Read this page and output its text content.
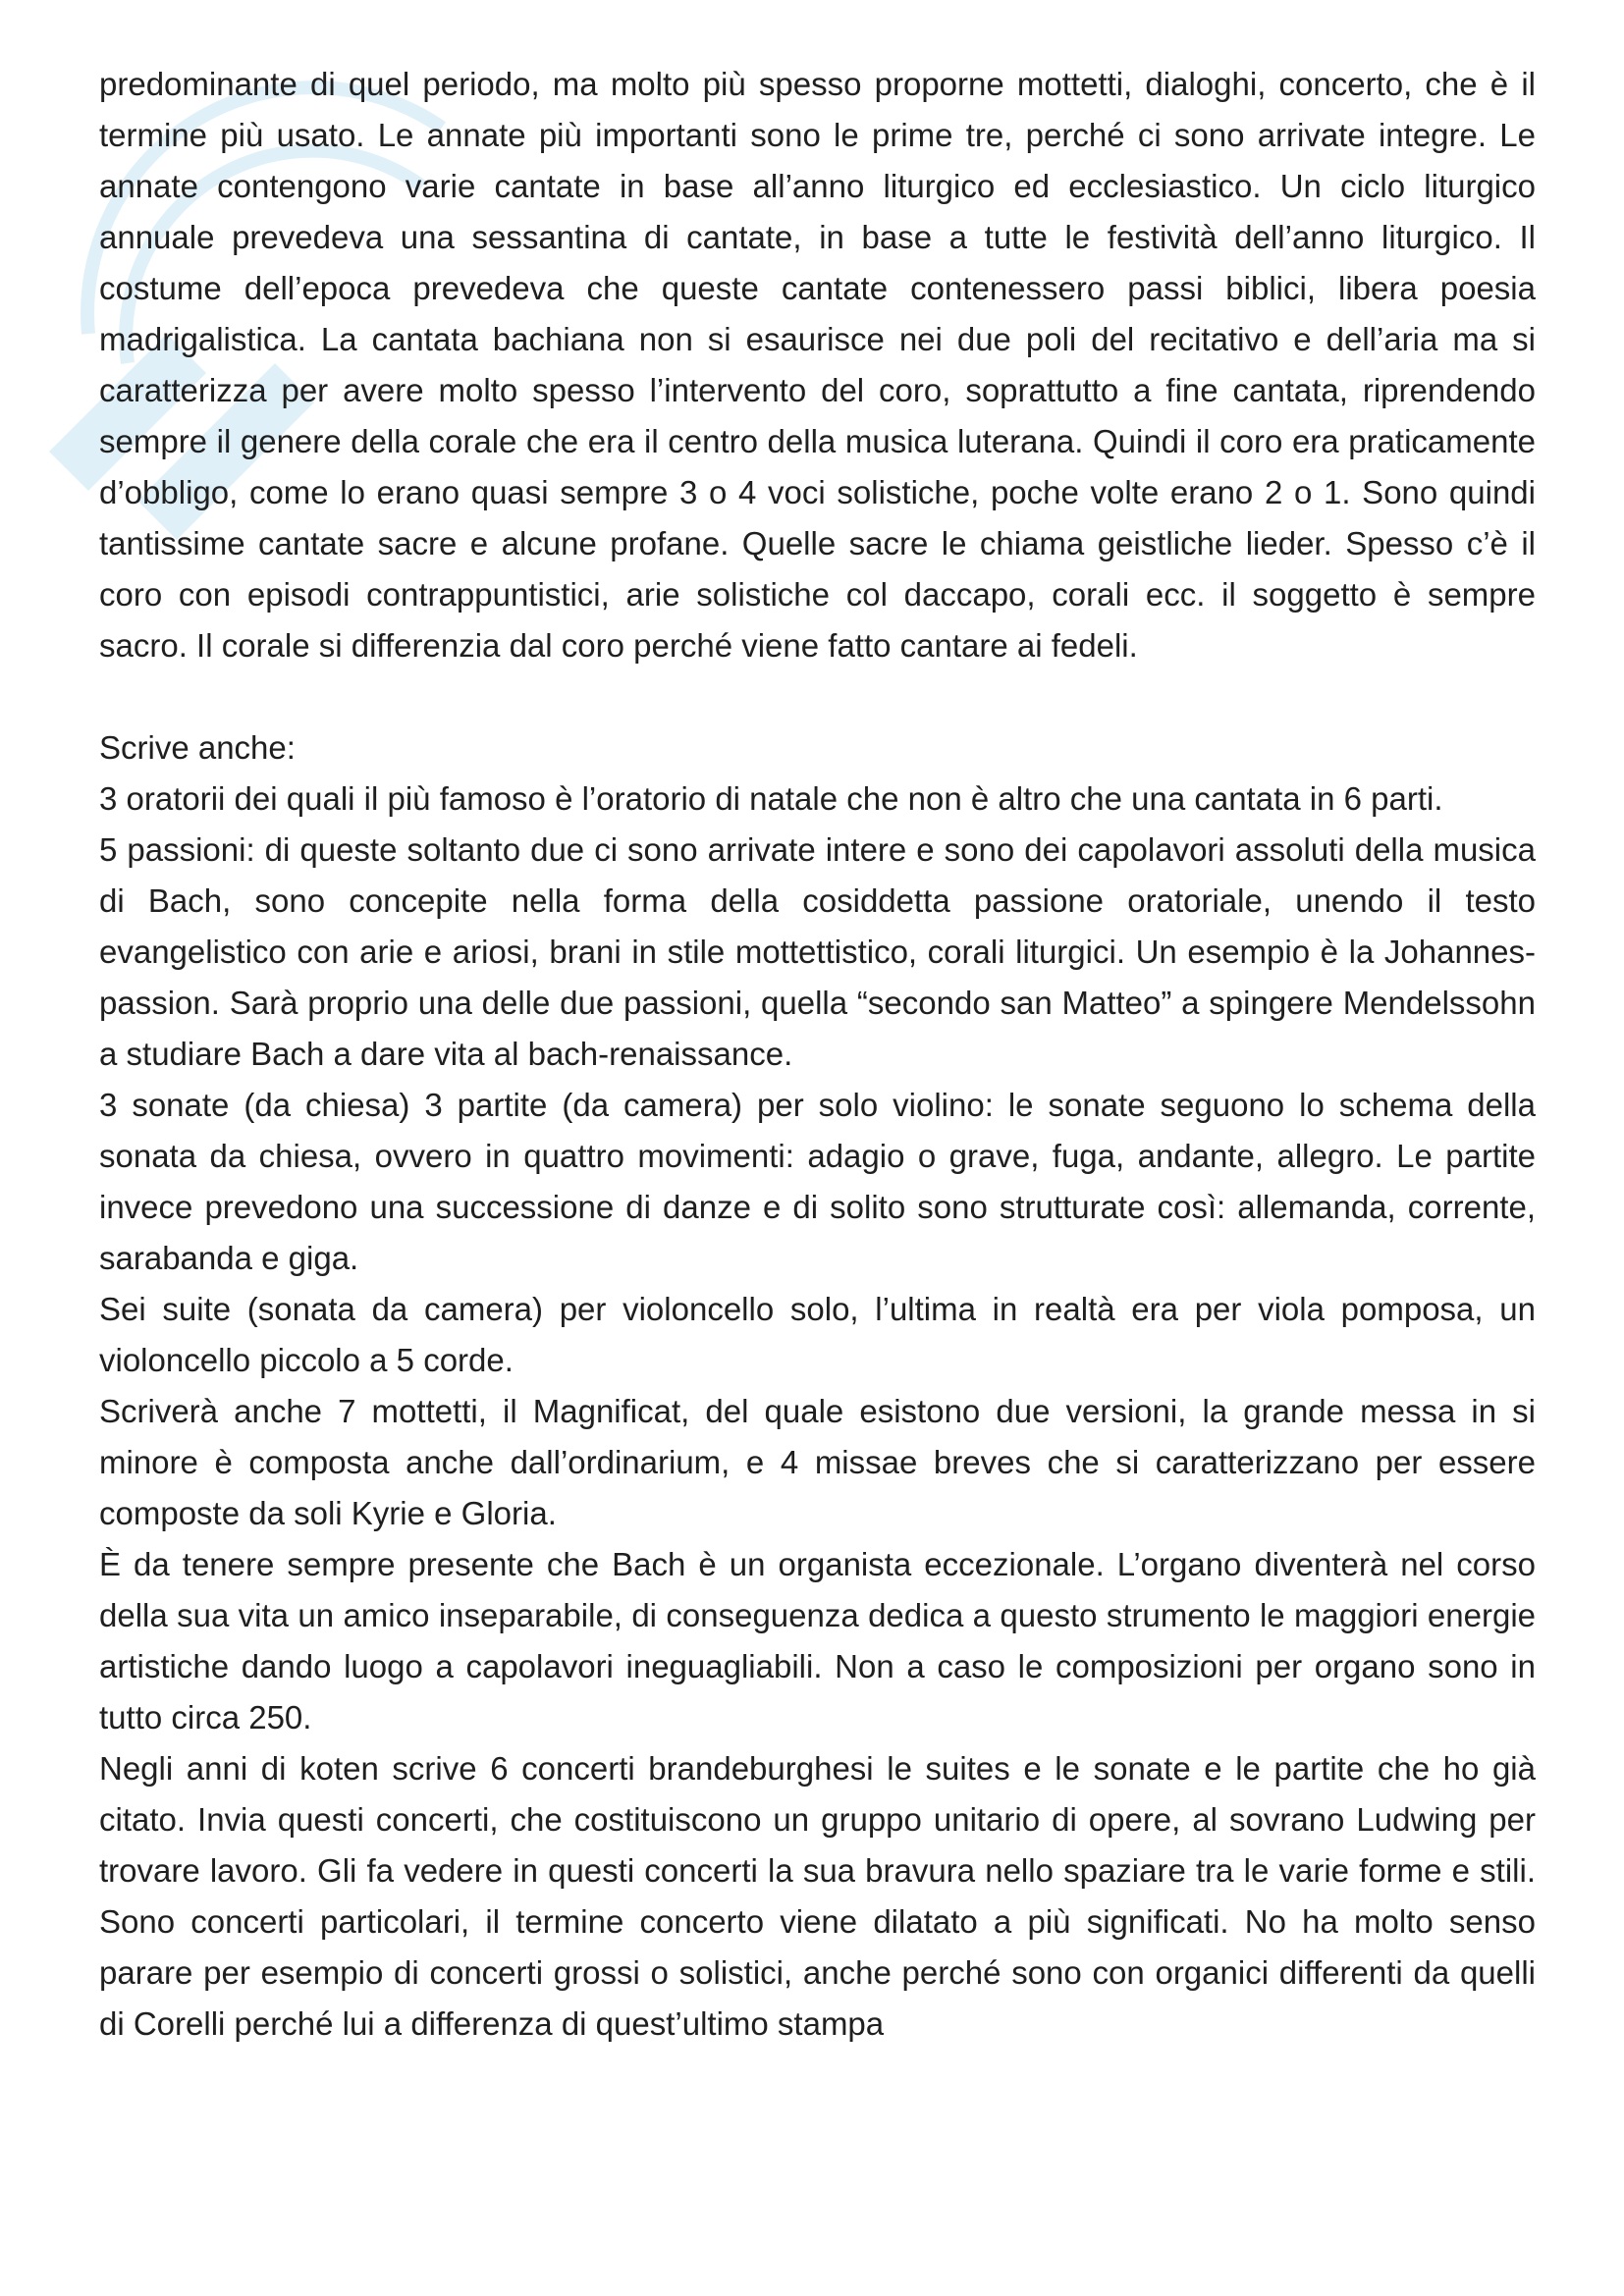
predominante di quel periodo, ma molto più spesso proporne mottetti, dialoghi, concerto, che è il termine più usato. Le annate più importanti sono le prime tre, perché ci sono arrivate integre. Le annate contengono varie cantate in base all’anno liturgico ed ecclesiastico. Un ciclo liturgico annuale prevedeva una sessantina di cantate, in base a tutte le festività dell’anno liturgico. Il costume dell’epoca prevedeva che queste cantate contenessero passi biblici, libera poesia madrigalistica. La cantata bachiana non si esaurisce nei due poli del recitativo e dell’aria ma si caratterizza per avere molto spesso l’intervento del coro, soprattutto a fine cantata, riprendendo sempre il genere della corale che era il centro della musica luterana. Quindi il coro era praticamente d’obbligo, come lo erano quasi sempre 3 o 4 voci solistiche, poche volte erano 2 o 1. Sono quindi tantissime cantate sacre e alcune profane. Quelle sacre le chiama geistliche lieder. Spesso c’è il coro con episodi contrappuntistici, arie solistiche col daccapo, corali ecc. il soggetto è sempre sacro. Il corale si differenzia dal coro perché viene fatto cantare ai fedeli.

Scrive anche:

3 oratorii dei quali il più famoso è l’oratorio di natale che non è altro che una cantata in 6 parti.

5 passioni: di queste soltanto due ci sono arrivate intere e sono dei capolavori assoluti della musica di Bach, sono concepite nella forma della cosiddetta passione oratoriale, unendo il testo evangelistico con arie e ariosi, brani in stile mottettistico, corali liturgici. Un esempio è la Johannes-passion. Sarà proprio una delle due passioni, quella “secondo san Matteo” a spingere Mendelssohn a studiare Bach a dare vita al bach-renaissance.

3 sonate (da chiesa) 3 partite (da camera) per solo violino: le sonate seguono lo schema della sonata da chiesa, ovvero in quattro movimenti: adagio o grave, fuga, andante, allegro. Le partite invece prevedono una successione di danze e di solito sono strutturate così: allemanda, corrente, sarabanda e giga.

Sei suite (sonata da camera) per violoncello solo, l’ultima in realtà era per viola pomposa, un violoncello piccolo a 5 corde.

Scriverà anche 7 mottetti, il Magnificat, del quale esistono due versioni, la grande messa in si minore è composta anche dall’ordinarium, e 4 missae breves che si caratterizzano per essere composte da soli Kyrie e Gloria.

È da tenere sempre presente che Bach è un organista eccezionale. L’organo diventerà nel corso della sua vita un amico inseparabile, di conseguenza dedica a questo strumento le maggiori energie artistiche dando luogo a capolavori ineguagliabili. Non a caso le composizioni per organo sono in tutto circa 250.

Negli anni di koten scrive 6 concerti brandeburghesi le suites e le sonate e le partite che ho già citato. Invia questi concerti, che costituiscono un gruppo unitario di opere, al sovrano Ludwing per trovare lavoro. Gli fa vedere in questi concerti la sua bravura nello spaziare tra le varie forme e stili. Sono concerti particolari, il termine concerto viene dilatato a più significati. No ha molto senso parare per esempio di concerti grossi o solistici, anche perché sono con organici differenti da quelli di Corelli perché lui a differenza di quest’ultimo stampa
